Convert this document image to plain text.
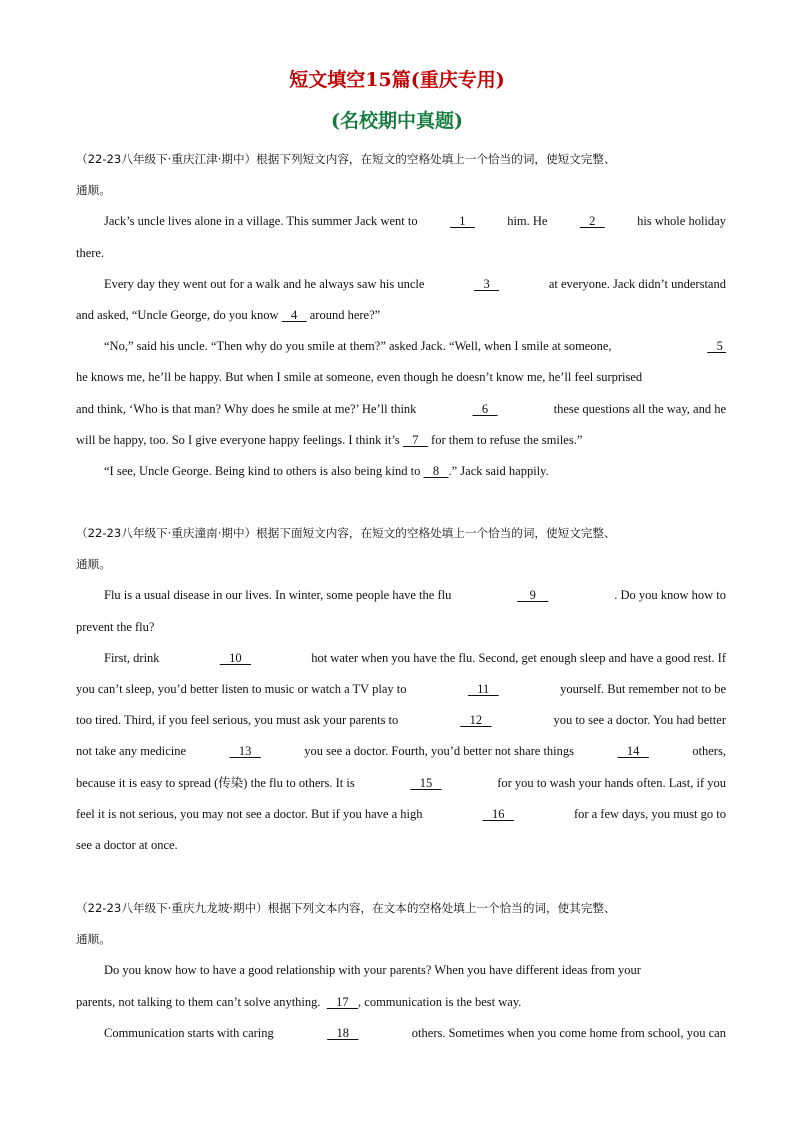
短文填空15篇(重庆专用)
(名校期中真题)
（22-23八年级下·重庆江津·期中）根据下列短文内容，在短文的空格处填上一个恰当的词，使短文完整、
通顺。
Jack’s uncle lives alone in a village. This summer Jack went to	1	him. He	2	his whole holiday
there.
Every day they went out for a walk and he always saw his uncle	3	at everyone. Jack didn’t understand
and asked, “Uncle George, do you know
4
around here?”
“No,” said his uncle. “Then why do you smile at them?” asked Jack. “Well, when I smile at someone,	5
he knows me, he’ll be happy. But when I smile at someone, even though he doesn’t know me, he’ll feel surprised
and think, ‘Who is that man? Why does he smile at me?’ He’ll think	6	these questions all the way, and he
will be happy, too. So I give everyone happy feelings. I think it’s
7
for them to refuse the smiles.”
“I see, Uncle George. Being kind to others is also being kind to
8 .” Jack said happily.
（22-23八年级下·重庆潼南·期中）根据下面短文内容，在短文的空格处填上一个恰当的词，使短文完整、
通顺。
Flu is a usual disease in our lives. In winter, some people have the flu	9	. Do you know how to
prevent the flu?
First, drink	10	hot water when you have the flu. Second, get enough sleep and have a good rest. If
you can’t sleep, you’d better listen to music or watch a TV play to	11	yourself. But remember not to be
too tired. Third, if you feel serious, you must ask your parents to	12	you to see a doctor. You had better
not take any medicine	13	you see a doctor. Fourth, you’d better not share things	14	others,
because it is easy to spread (传染) the flu to others. It is	15	for you to wash your hands often. Last, if you
feel it is not serious, you may not see a doctor. But if you have a high	16	for a few days, you must go to
see a doctor at once.
（22-23八年级下·重庆九龙坡·期中）根据下列文本内容，在文本的空格处填上一个恰当的词，使其完整、
通顺。
Do you know how to have a good relationship with your parents? When you have different ideas from your
parents, not talking to them can’t solve anything.
17 , communication is the best way.
Communication starts with caring	18	others. Sometimes when you come home from school, you can
